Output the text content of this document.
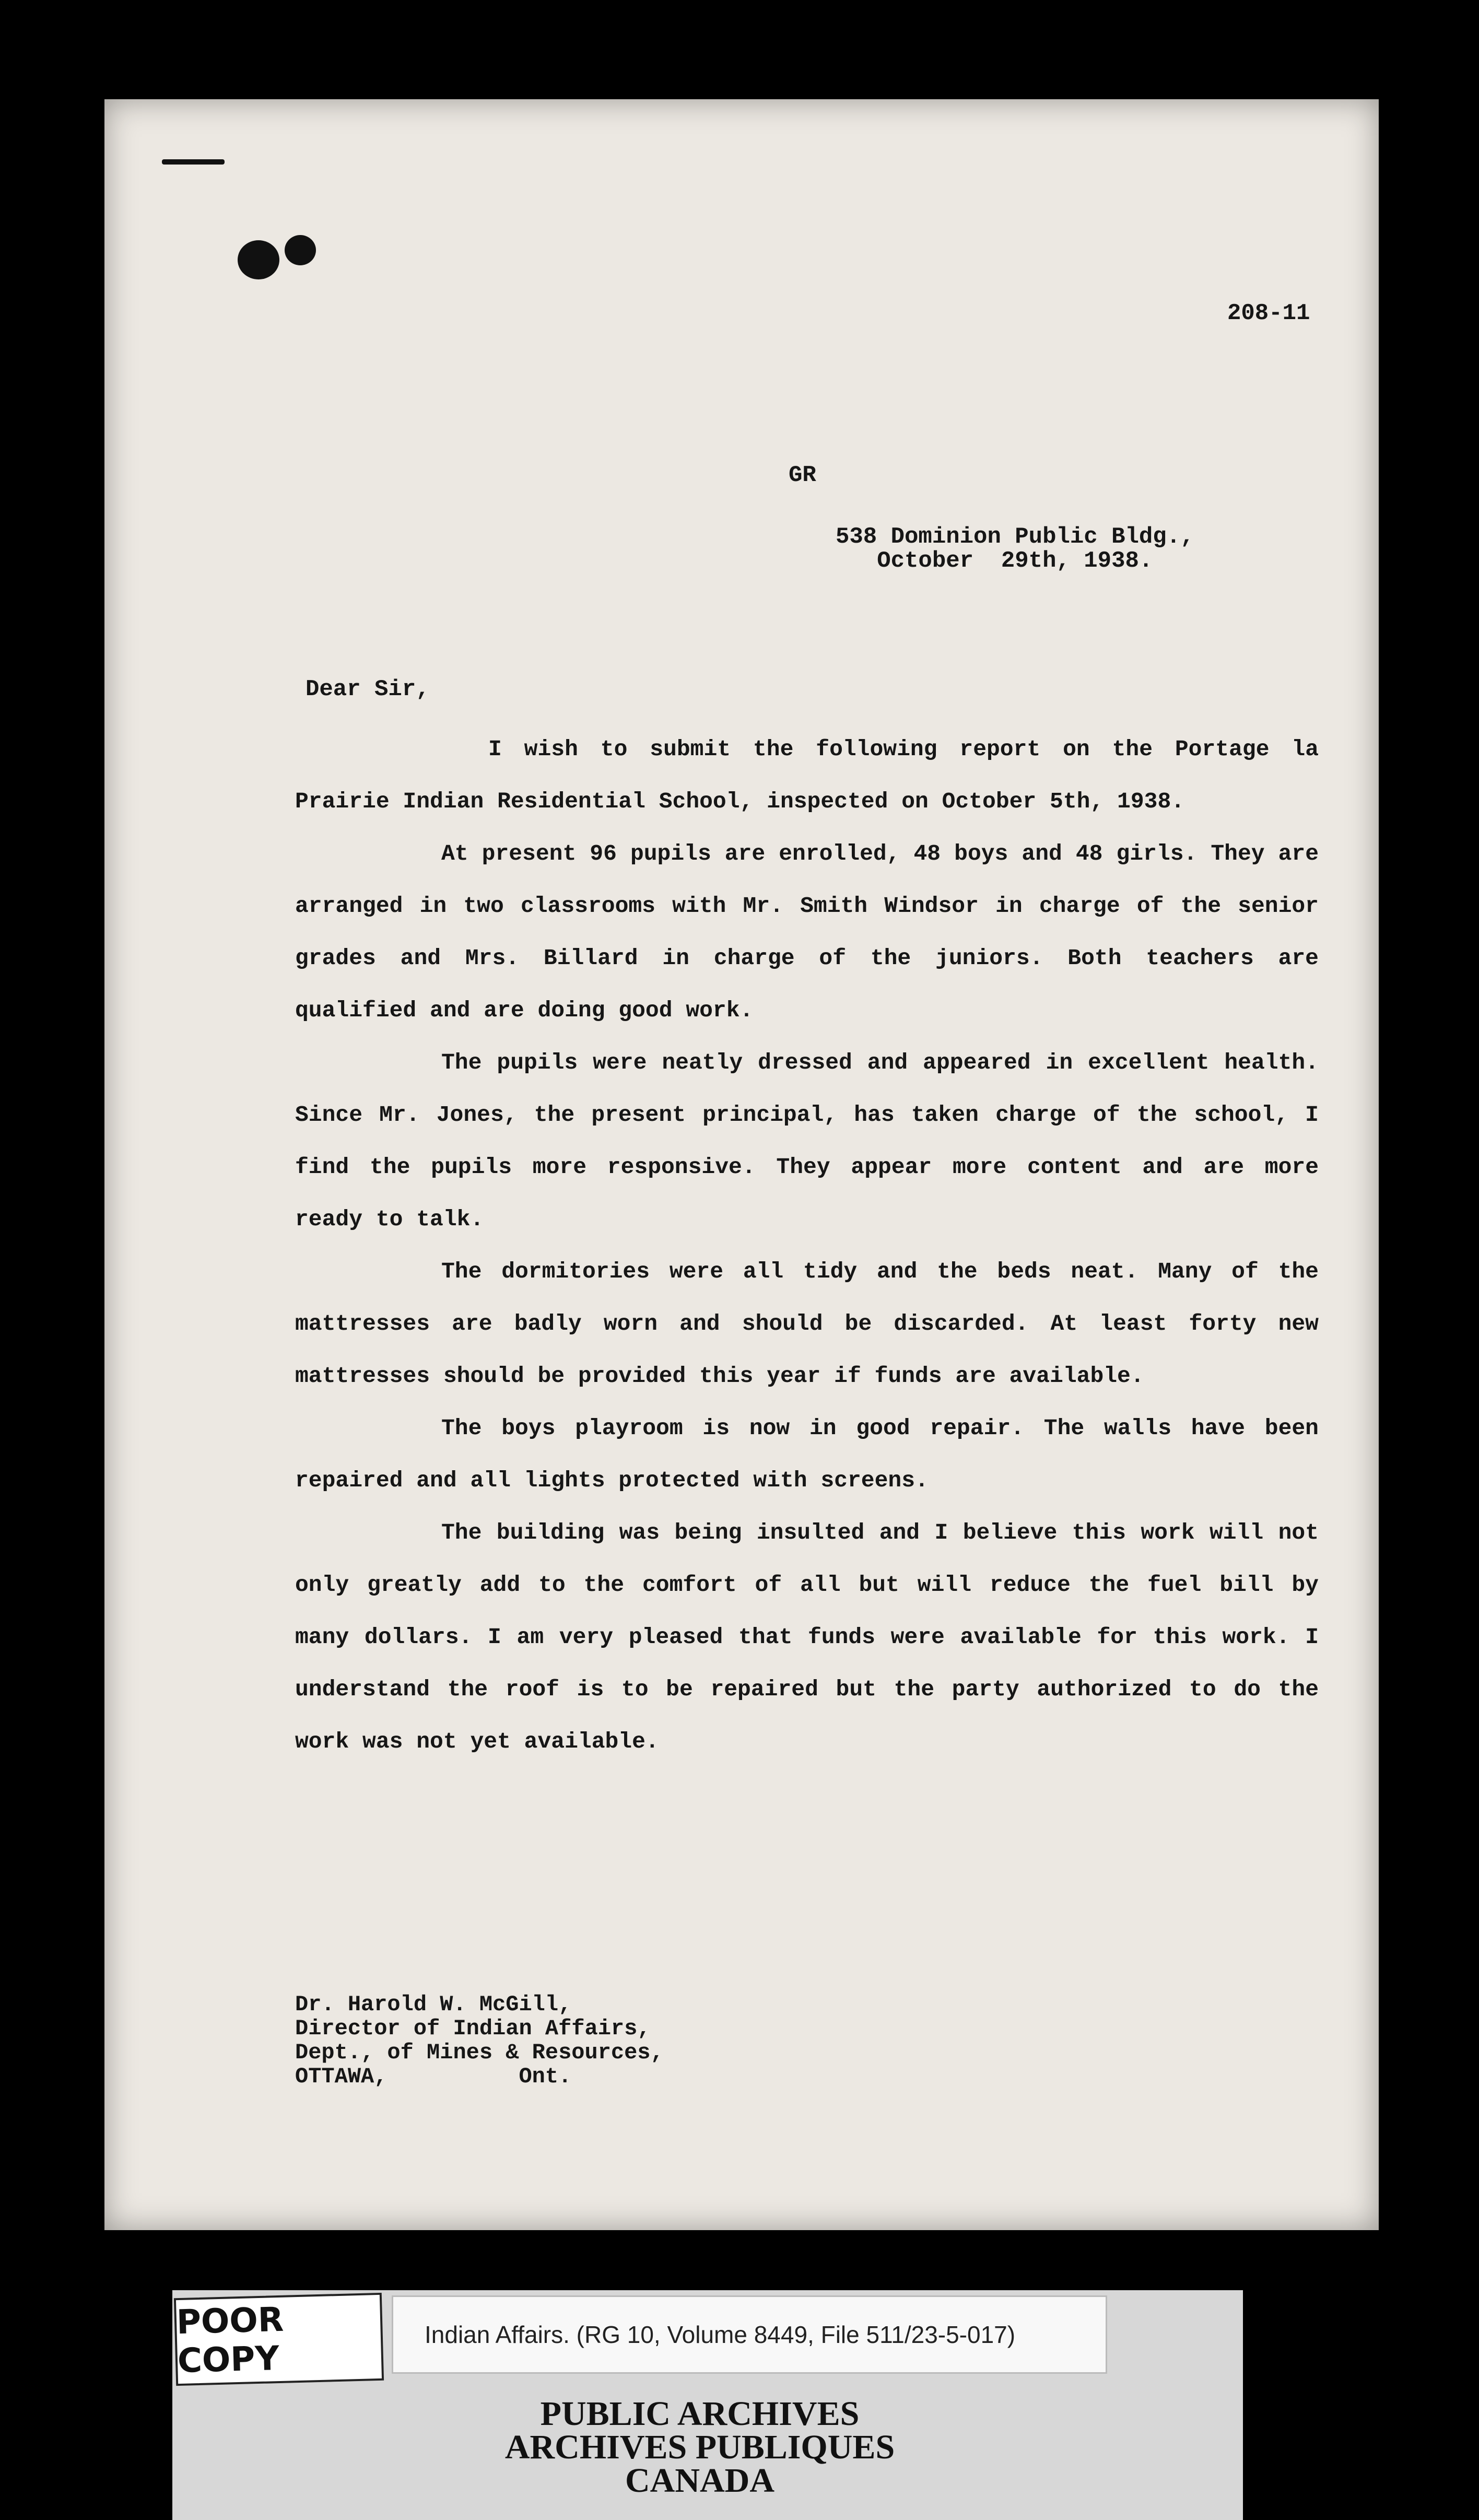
208-11
GR
538 Dominion Public Bldg.,
October  29th, 1938.
Dear Sir,

I wish to submit the following report on the Portage la Prairie Indian Residential School, inspected on October 5th, 1938.

At present 96 pupils are enrolled, 48 boys and 48 girls. They are arranged in two classrooms with Mr. Smith Windsor in charge of the senior grades and Mrs. Billard in charge of the juniors. Both teachers are qualified and are doing good work.

The pupils were neatly dressed and appeared in excellent health. Since Mr. Jones, the present principal, has taken charge of the school, I find the pupils more responsive. They appear more content and are more ready to talk.

The dormitories were all tidy and the beds neat. Many of the mattresses are badly worn and should be discarded. At least forty new mattresses should be provided this year if funds are available.

The boys playroom is now in good repair. The walls have been repaired and all lights protected with screens.

The building was being insulted and I believe this work will not only greatly add to the comfort of all but will reduce the fuel bill by many dollars. I am very pleased that funds were available for this work. I understand the roof is to be repaired but the party authorized to do the work was not yet available.

Dr. Harold W. McGill,
Director of Indian Affairs,
Dept., of Mines & Resources,
OTTAWA,          Ont.
POOR COPY
Indian Affairs. (RG 10, Volume 8449, File 511/23-5-017)
PUBLIC ARCHIVES
ARCHIVES PUBLIQUES
CANADA
